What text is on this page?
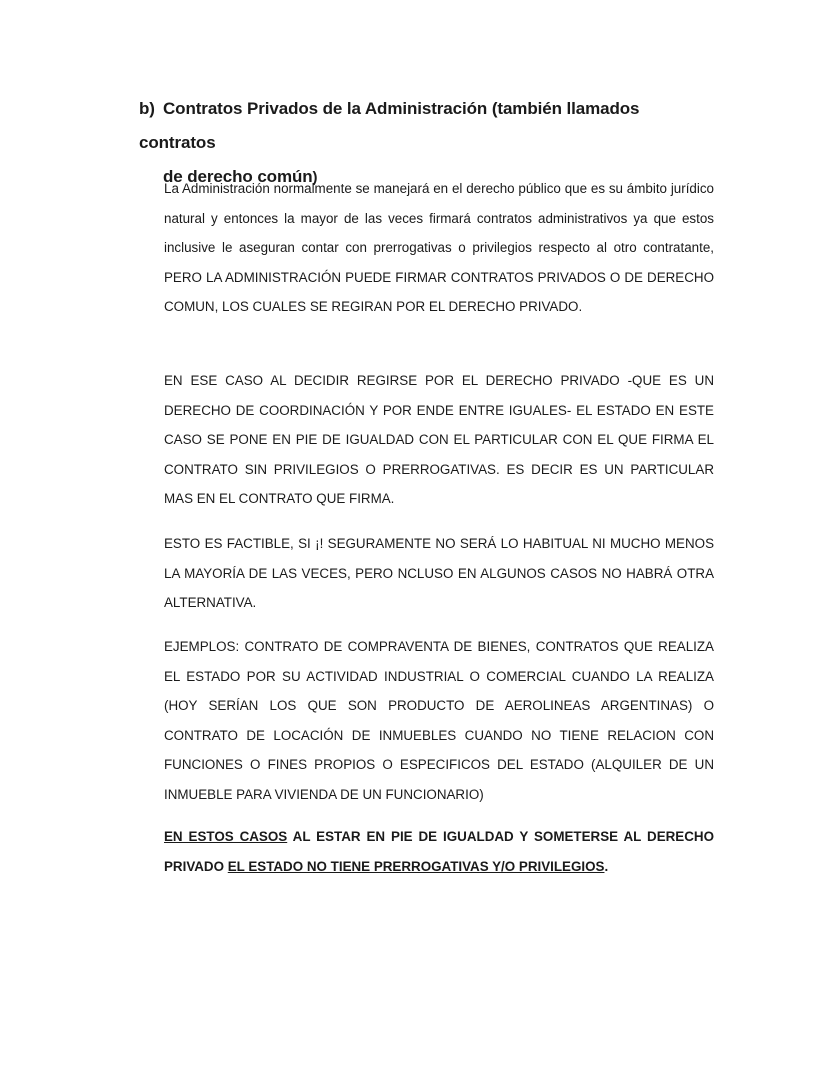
b) Contratos Privados de la Administración (también llamados contratos
de derecho común)

La Administración normalmente se manejará en el derecho público que es su ámbito jurídico natural y entonces la mayor de las veces firmará contratos administrativos ya que estos inclusive le aseguran contar con prerrogativas o privilegios respecto al otro contratante, PERO LA ADMINISTRACIÓN PUEDE FIRMAR CONTRATOS PRIVADOS O DE DERECHO COMUN, LOS CUALES SE REGIRAN POR EL DERECHO PRIVADO.

EN ESE CASO AL DECIDIR REGIRSE POR EL DERECHO PRIVADO -QUE ES UN DERECHO DE COORDINACIÓN Y POR ENDE ENTRE IGUALES- EL ESTADO EN ESTE CASO SE PONE EN PIE DE IGUALDAD CON EL PARTICULAR CON EL QUE FIRMA EL CONTRATO SIN PRIVILEGIOS O PRERROGATIVAS. ES DECIR ES UN PARTICULAR MAS EN EL CONTRATO QUE FIRMA.

ESTO ES FACTIBLE, SI ¡! SEGURAMENTE NO SERÁ LO HABITUAL NI MUCHO MENOS LA MAYORÍA DE LAS VECES, PERO NCLUSO EN ALGUNOS CASOS NO HABRÁ OTRA ALTERNATIVA.

EJEMPLOS: CONTRATO DE COMPRAVENTA DE BIENES, CONTRATOS QUE REALIZA EL ESTADO POR SU ACTIVIDAD INDUSTRIAL O COMERCIAL CUANDO LA REALIZA (HOY SERÍAN LOS QUE SON PRODUCTO DE AEROLINEAS ARGENTINAS) O CONTRATO DE LOCACIÓN DE INMUEBLES CUANDO NO TIENE RELACION CON FUNCIONES O FINES PROPIOS O ESPECIFICOS DEL ESTADO (ALQUILER DE UN INMUEBLE PARA VIVIENDA DE UN FUNCIONARIO)

EN ESTOS CASOS AL ESTAR EN PIE DE IGUALDAD Y SOMETERSE AL DERECHO PRIVADO EL ESTADO NO TIENE PRERROGATIVAS Y/O PRIVILEGIOS.
